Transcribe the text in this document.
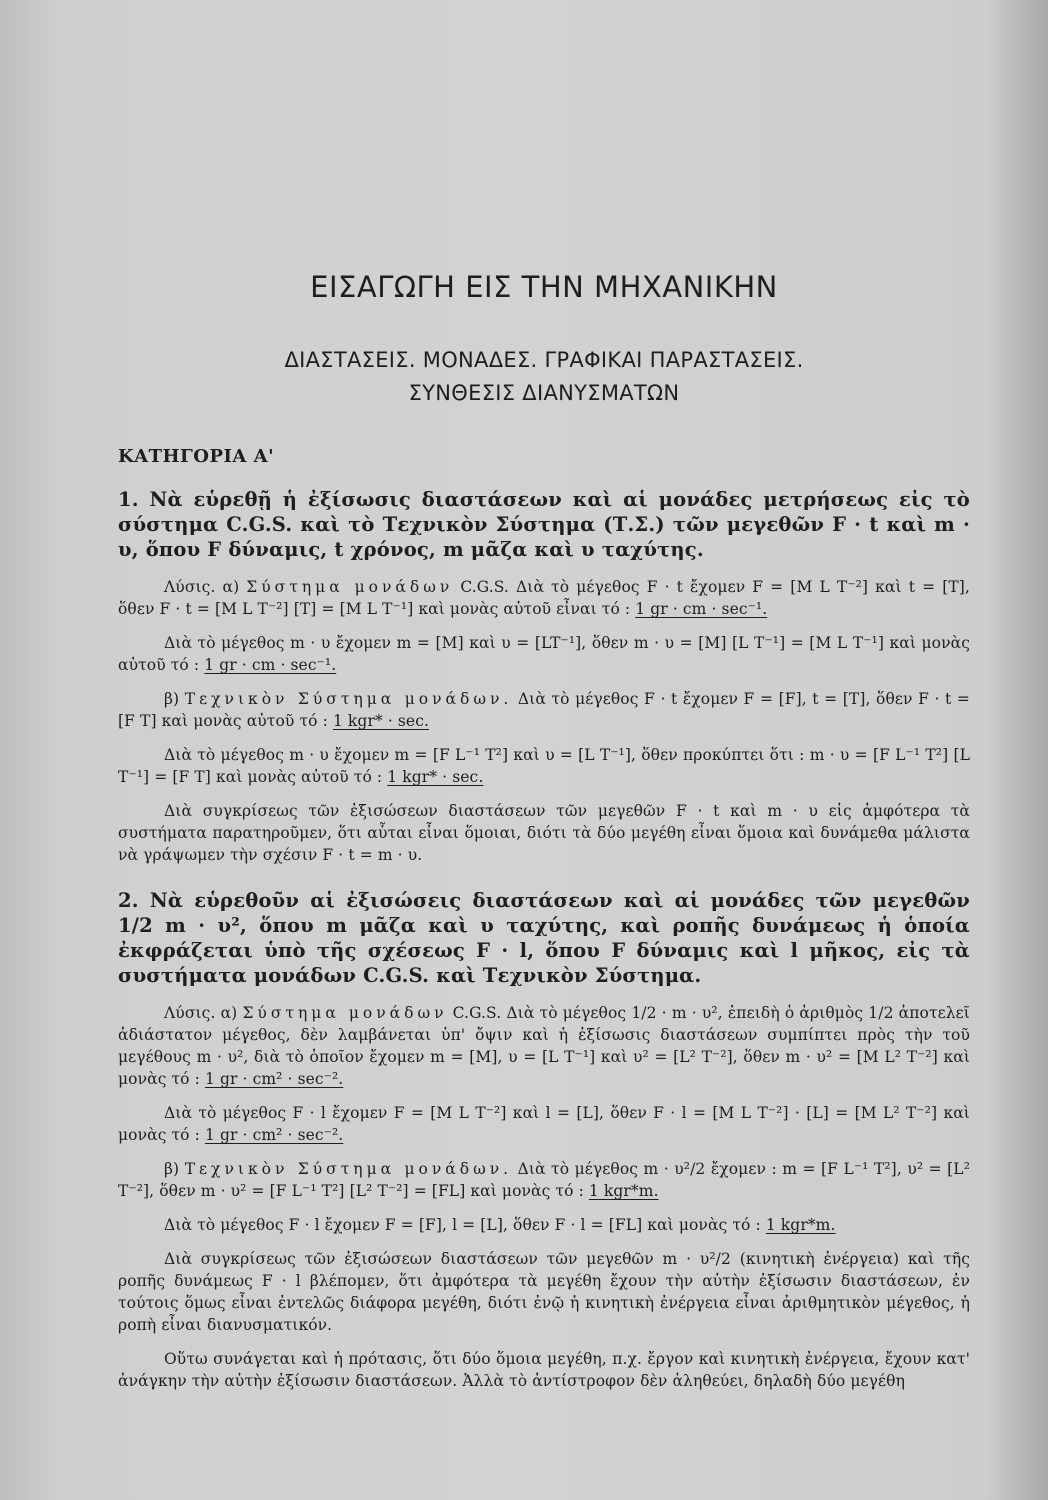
ΕΙΣΑΓΩΓΗ ΕΙΣ ΤΗΝ ΜΗΧΑΝΙΚΗΝ
ΔΙΑΣΤΑΣΕΙΣ. ΜΟΝΑΔΕΣ. ΓΡΑΦΙΚΑΙ ΠΑΡΑΣΤΑΣΕΙΣ.
ΣΥΝΘΕΣΙΣ ΔΙΑΝΥΣΜΑΤΩΝ
ΚΑΤΗΓΟΡΙΑ Α'

1. Νὰ εὑρεθῇ ἡ ἐξίσωσις διαστάσεων καὶ αἱ μονάδες μετρήσεως εἰς τὸ σύστημα C.G.S. καὶ τὸ Τεχνικὸν Σύστημα (Τ.Σ.) τῶν μεγεθῶν F · t καὶ m · υ, ὅπου F δύναμις, t χρόνος, m μᾶζα καὶ υ ταχύτης.

Λύσις. α) Σύστημα μονάδων C.G.S. Διὰ τὸ μέγεθος F · t ἔχομεν F = [M L T⁻²] καὶ t = [T], ὅθεν F · t = [M L T⁻²] [T] = [M L T⁻¹] καὶ μονὰς αὐτοῦ εἶναι τό : 1 gr · cm · sec⁻¹.

Διὰ τὸ μέγεθος m · υ ἔχομεν m = [M] καὶ υ = [LT⁻¹], ὅθεν m · υ = [M] [L T⁻¹] = [M L T⁻¹] καὶ μονὰς αὐτοῦ τό : 1 gr · cm · sec⁻¹.

β) Τεχνικὸν Σύστημα μονάδων. Διὰ τὸ μέγεθος F · t ἔχομεν F = [F], t = [T], ὅθεν F · t = [F T] καὶ μονὰς αὐτοῦ τό : 1 kgr* · sec.

Διὰ τὸ μέγεθος m · υ ἔχομεν m = [F L⁻¹ T²] καὶ υ = [L T⁻¹], ὅθεν προκύπτει ὅτι : m · υ = [F L⁻¹ T²] [L T⁻¹] = [F T] καὶ μονὰς αὐτοῦ τό : 1 kgr* · sec.

Διὰ συγκρίσεως τῶν ἐξισώσεων διαστάσεων τῶν μεγεθῶν F · t καὶ m · υ εἰς ἀμφότερα τὰ συστήματα παρατηροῦμεν, ὅτι αὗται εἶναι ὅμοιαι, διότι τὰ δύο μεγέθη εἶναι ὅμοια καὶ δυνάμεθα μάλιστα νὰ γράψωμεν τὴν σχέσιν F · t = m · υ.

2. Νὰ εὑρεθοῦν αἱ ἐξισώσεις διαστάσεων καὶ αἱ μονάδες τῶν μεγεθῶν 1/2 m · υ², ὅπου m μᾶζα καὶ υ ταχύτης, καὶ ροπῆς δυνάμεως ἡ ὁποία ἐκφράζεται ὑπὸ τῆς σχέσεως F · l, ὅπου F δύναμις καὶ l μῆκος, εἰς τὰ συστήματα μονάδων C.G.S. καὶ Τεχνικὸν Σύστημα.

Λύσις. α) Σύστημα μονάδων C.G.S. Διὰ τὸ μέγεθος 1/2 · m · υ², ἐπειδὴ ὁ ἀριθμὸς 1/2 ἀποτελεῖ ἀδιάστατον μέγεθος, δὲν λαμβάνεται ὑπ' ὄψιν καὶ ἡ ἐξίσωσις διαστάσεων συμπίπτει πρὸς τὴν τοῦ μεγέθους m · υ², διὰ τὸ ὁποῖον ἔχομεν m = [M], υ = [L T⁻¹] καὶ υ² = [L² T⁻²], ὅθεν m · υ² = [M L² T⁻²] καὶ μονὰς τό : 1 gr · cm² · sec⁻².

Διὰ τὸ μέγεθος F · l ἔχομεν F = [M L T⁻²] καὶ l = [L], ὅθεν F · l = [M L T⁻²] · [L] = [M L² T⁻²] καὶ μονὰς τό : 1 gr · cm² · sec⁻².

β) Τεχνικὸν Σύστημα μονάδων. Διὰ τὸ μέγεθος m · υ²/2 ἔχομεν : m = [F L⁻¹ T²], υ² = [L² T⁻²], ὅθεν m · υ² = [F L⁻¹ T²] [L² T⁻²] = [FL] καὶ μονὰς τό : 1 kgr*m.

Διὰ τὸ μέγεθος F · l ἔχομεν F = [F], l = [L], ὅθεν F · l = [FL] καὶ μονὰς τό : 1 kgr*m.

Διὰ συγκρίσεως τῶν ἐξισώσεων διαστάσεων τῶν μεγεθῶν m · υ²/2 (κινητικὴ ἐνέργεια) καὶ τῆς ροπῆς δυνάμεως F · l βλέπομεν, ὅτι ἀμφότερα τὰ μεγέθη ἔχουν τὴν αὐτὴν ἐξίσωσιν διαστάσεων, ἐν τούτοις ὅμως εἶναι ἐντελῶς διάφορα μεγέθη, διότι ἐνῷ ἡ κινητικὴ ἐνέργεια εἶναι ἀριθμητικὸν μέγεθος, ἡ ροπὴ εἶναι διανυσματικόν.

Οὕτω συνάγεται καὶ ἡ πρότασις, ὅτι δύο ὅμοια μεγέθη, π.χ. ἔργον καὶ κινητικὴ ἐνέργεια, ἔχουν κατ' ἀνάγκην τὴν αὐτὴν ἐξίσωσιν διαστάσεων. Ἀλλὰ τὸ ἀντίστροφον δὲν ἀληθεύει, δηλαδὴ δύο μεγέθη
